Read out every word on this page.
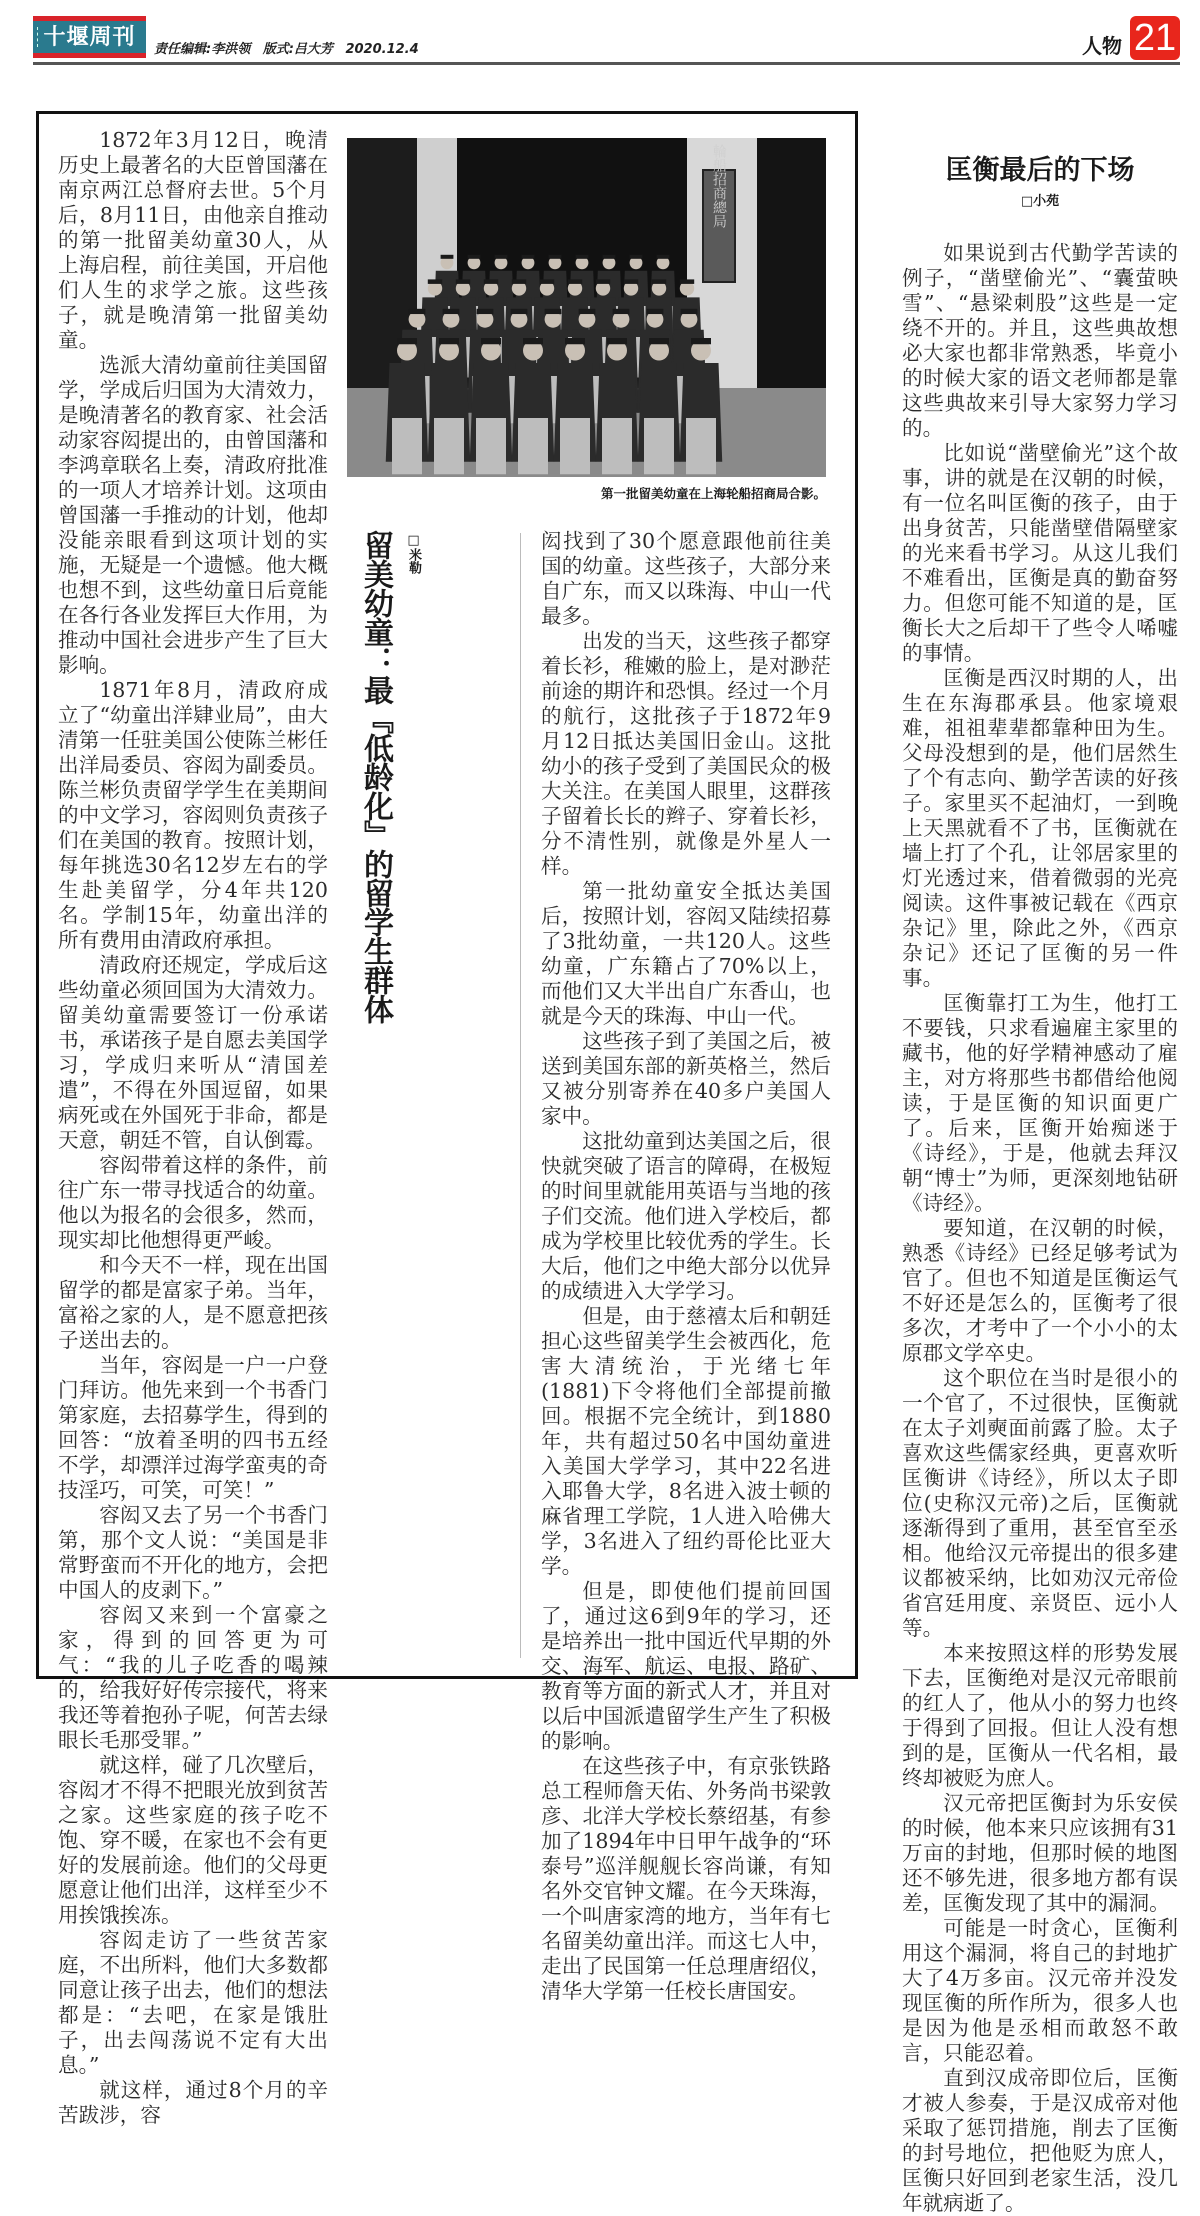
十堰周刊	责任编辑:李洪领 版式:吕大芳 2020.12.4	人物 21

1872年3月12日，晚清历史上最著名的大臣曾国藩在南京两江总督府去世。5个月后，8月11日，由他亲自推动的第一批留美幼童30人，从上海启程，前往美国，开启他们人生的求学之旅。这些孩子，就是晚清第一批留美幼童。

选派大清幼童前往美国留学，学成后归国为大清效力，是晚清著名的教育家、社会活动家容闳提出的，由曾国藩和李鸿章联名上奏，清政府批准的一项人才培养计划。这项由曾国藩一手推动的计划，他却没能亲眼看到这项计划的实施，无疑是一个遗憾。他大概也想不到，这些幼童日后竟能在各行各业发挥巨大作用，为推动中国社会进步产生了巨大影响。

1871年8月，清政府成立了“幼童出洋肄业局”，由大清第一任驻美国公使陈兰彬任出洋局委员、容闳为副委员。陈兰彬负责留学学生在美期间的中文学习，容闳则负责孩子们在美国的教育。按照计划，每年挑选30名12岁左右的学生赴美留学，分4年共120名。学制15年，幼童出洋的所有费用由清政府承担。

清政府还规定，学成后这些幼童必须回国为大清效力。留美幼童需要签订一份承诺书，承诺孩子是自愿去美国学习，学成归来听从“清国差遣”，不得在外国逗留，如果病死或在外国死于非命，都是天意，朝廷不管，自认倒霉。

容闳带着这样的条件，前往广东一带寻找适合的幼童。他以为报名的会很多，然而，现实却比他想得更严峻。

和今天不一样，现在出国留学的都是富家子弟。当年，富裕之家的人，是不愿意把孩子送出去的。

当年，容闳是一户一户登门拜访。他先来到一个书香门第家庭，去招募学生，得到的回答：“放着圣明的四书五经不学，却漂洋过海学蛮夷的奇技淫巧，可笑，可笑！”

容闳又去了另一个书香门第，那个文人说：“美国是非常野蛮而不开化的地方，会把中国人的皮剥下。”

容闳又来到一个富豪之家，得到的回答更为可气：“我的儿子吃香的喝辣的，给我好好传宗接代，将来我还等着抱孙子呢，何苦去绿眼长毛那受罪。”

就这样，碰了几次壁后，容闳才不得不把眼光放到贫苦之家。这些家庭的孩子吃不饱、穿不暖，在家也不会有更好的发展前途。他们的父母更愿意让他们出洋，这样至少不用挨饿挨冻。

容闳走访了一些贫苦家庭，不出所料，他们大多数都同意让孩子出去，他们的想法都是：“去吧，在家是饿肚子，出去闯荡说不定有大出息。”

就这样，通过8个月的辛苦跋涉，容

輪船招商總局
第一批留美幼童在上海轮船招商局合影。
留美幼童：最『低龄化』的留学生群体 □米勒	闳找到了30个愿意跟他前往美国的幼童。这些孩子，大部分来自广东，而又以珠海、中山一代最多。

出发的当天，这些孩子都穿着长衫，稚嫩的脸上，是对渺茫前途的期许和恐惧。经过一个月的航行，这批孩子于1872年9月12日抵达美国旧金山。这批幼小的孩子受到了美国民众的极大关注。在美国人眼里，这群孩子留着长长的辫子、穿着长衫，分不清性别，就像是外星人一样。

第一批幼童安全抵达美国后，按照计划，容闳又陆续招募了3批幼童，一共120人。这些幼童，广东籍占了70%以上，而他们又大半出自广东香山，也就是今天的珠海、中山一代。

这些孩子到了美国之后，被送到美国东部的新英格兰，然后又被分别寄养在40多户美国人家中。

这批幼童到达美国之后，很快就突破了语言的障碍，在极短的时间里就能用英语与当地的孩子们交流。他们进入学校后，都成为学校里比较优秀的学生。长大后，他们之中绝大部分以优异的成绩进入大学学习。

但是，由于慈禧太后和朝廷担心这些留美学生会被西化，危害大清统治，于光绪七年(1881)下令将他们全部提前撤回。根据不完全统计，到1880年，共有超过50名中国幼童进入美国大学学习，其中22名进入耶鲁大学，8名进入波士顿的麻省理工学院，1人进入哈佛大学，3名进入了纽约哥伦比亚大学。

但是，即使他们提前回国了，通过这6到9年的学习，还是培养出一批中国近代早期的外交、海军、航运、电报、路矿、教育等方面的新式人才，并且对以后中国派遣留学生产生了积极的影响。

在这些孩子中，有京张铁路总工程师詹天佑、外务尚书梁敦彦、北洋大学校长蔡绍基，有参加了1894年中日甲午战争的“环泰号”巡洋舰舰长容尚谦，有知名外交官钟文耀。在今天珠海，一个叫唐家湾的地方，当年有七名留美幼童出洋。而这七人中，走出了民国第一任总理唐绍仪，清华大学第一任校长唐国安。

匡衡最后的下场
□小苑

如果说到古代勤学苦读的例子，“凿壁偷光”、“囊萤映雪”、“悬梁刺股”这些是一定绕不开的。并且，这些典故想必大家也都非常熟悉，毕竟小的时候大家的语文老师都是靠这些典故来引导大家努力学习的。

比如说“凿壁偷光”这个故事，讲的就是在汉朝的时候，有一位名叫匡衡的孩子，由于出身贫苦，只能凿壁借隔壁家的光来看书学习。从这儿我们不难看出，匡衡是真的勤奋努力。但您可能不知道的是，匡衡长大之后却干了些令人唏嘘的事情。

匡衡是西汉时期的人，出生在东海郡承县。他家境艰难，祖祖辈辈都靠种田为生。父母没想到的是，他们居然生了个有志向、勤学苦读的好孩子。家里买不起油灯，一到晚上天黑就看不了书，匡衡就在墙上打了个孔，让邻居家里的灯光透过来，借着微弱的光亮阅读。这件事被记载在《西京杂记》里，除此之外，《西京杂记》还记了匡衡的另一件事。

匡衡靠打工为生，他打工不要钱，只求看遍雇主家里的藏书，他的好学精神感动了雇主，对方将那些书都借给他阅读，于是匡衡的知识面更广了。后来，匡衡开始痴迷于《诗经》，于是，他就去拜汉朝“博士”为师，更深刻地钻研《诗经》。

要知道，在汉朝的时候，熟悉《诗经》已经足够考试为官了。但也不知道是匡衡运气不好还是怎么的，匡衡考了很多次，才考中了一个小小的太原郡文学卒史。

这个职位在当时是很小的一个官了，不过很快，匡衡就在太子刘奭面前露了脸。太子喜欢这些儒家经典，更喜欢听匡衡讲《诗经》，所以太子即位(史称汉元帝)之后，匡衡就逐渐得到了重用，甚至官至丞相。他给汉元帝提出的很多建议都被采纳，比如劝汉元帝俭省宫廷用度、亲贤臣、远小人等。

本来按照这样的形势发展下去，匡衡绝对是汉元帝眼前的红人了，他从小的努力也终于得到了回报。但让人没有想到的是，匡衡从一代名相，最终却被贬为庶人。

汉元帝把匡衡封为乐安侯的时候，他本来只应该拥有31万亩的封地，但那时候的地图还不够先进，很多地方都有误差，匡衡发现了其中的漏洞。

可能是一时贪心，匡衡利用这个漏洞，将自己的封地扩大了4万多亩。汉元帝并没发现匡衡的所作所为，很多人也是因为他是丞相而敢怒不敢言，只能忍着。

直到汉成帝即位后，匡衡才被人参奏，于是汉成帝对他采取了惩罚措施，削去了匡衡的封号地位，把他贬为庶人，匡衡只好回到老家生活，没几年就病逝了。
